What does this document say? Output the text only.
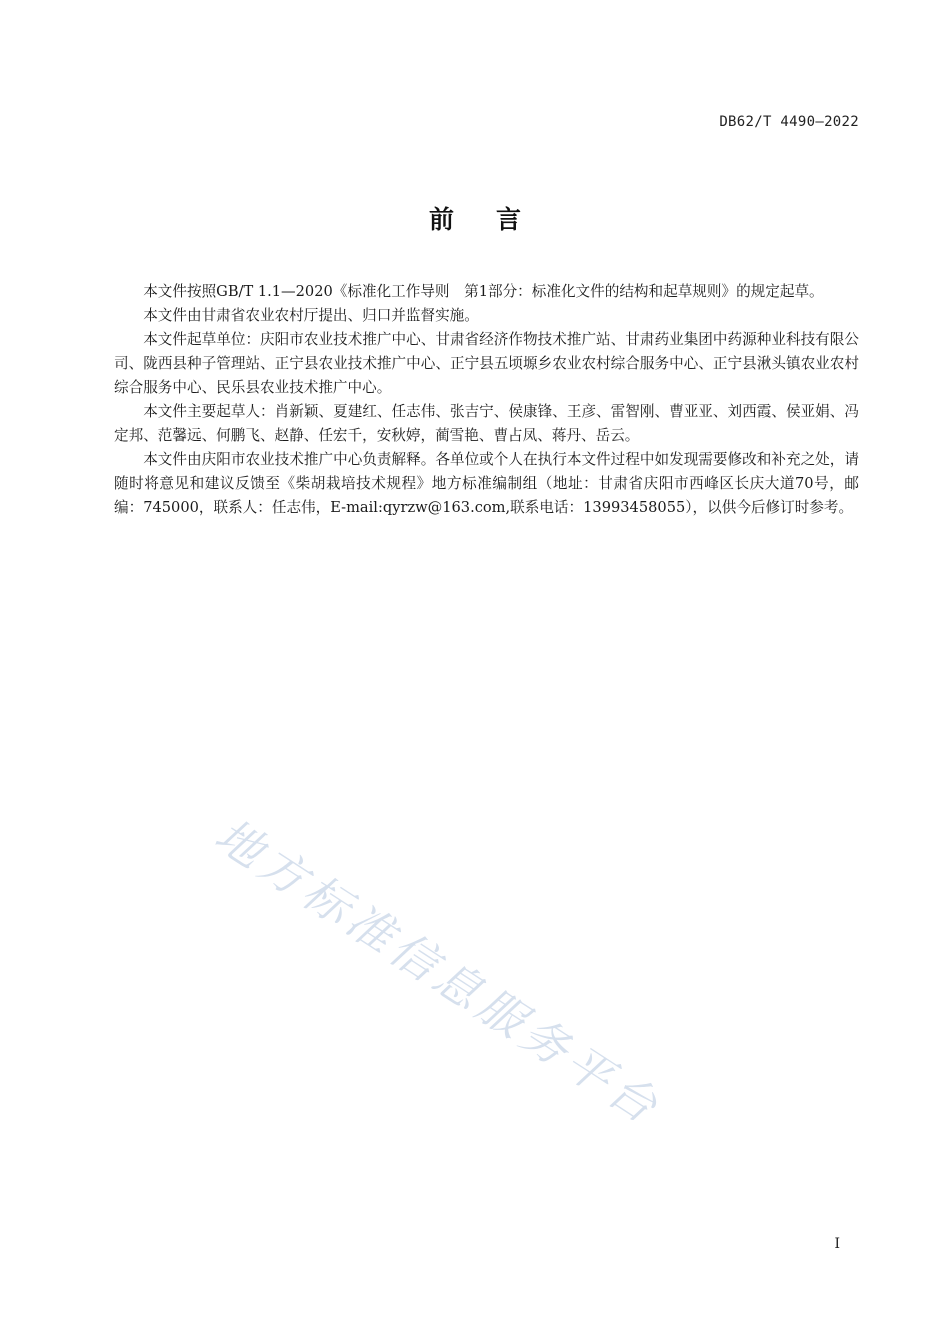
DB62/T 4490—2022
前言

本文件按照GB/T 1.1—2020《标准化工作导则　第1部分：标准化文件的结构和起草规则》的规定起草。

本文件由甘肃省农业农村厅提出、归口并监督实施。

本文件起草单位：庆阳市农业技术推广中心、甘肃省经济作物技术推广站、甘肃药业集团中药源种业科技有限公司、陇西县种子管理站、正宁县农业技术推广中心、正宁县五顷塬乡农业农村综合服务中心、正宁县湫头镇农业农村综合服务中心、民乐县农业技术推广中心。

本文件主要起草人：肖新颖、夏建红、任志伟、张吉宁、侯康锋、王彦、雷智刚、曹亚亚、刘西霞、侯亚娟、冯定邦、范馨远、何鹏飞、赵静、任宏千，安秋婷，蔺雪艳、曹占凤、蒋丹、岳云。

本文件由庆阳市农业技术推广中心负责解释。各单位或个人在执行本文件过程中如发现需要修改和补充之处，请随时将意见和建议反馈至《柴胡栽培技术规程》地方标准编制组（地址：甘肃省庆阳市西峰区长庆大道70号，邮编：745000，联系人：任志伟，E-mail:qyrzw@163.com,联系电话：13993458055），以供今后修订时参考。

地方标准信息服务平台
I
